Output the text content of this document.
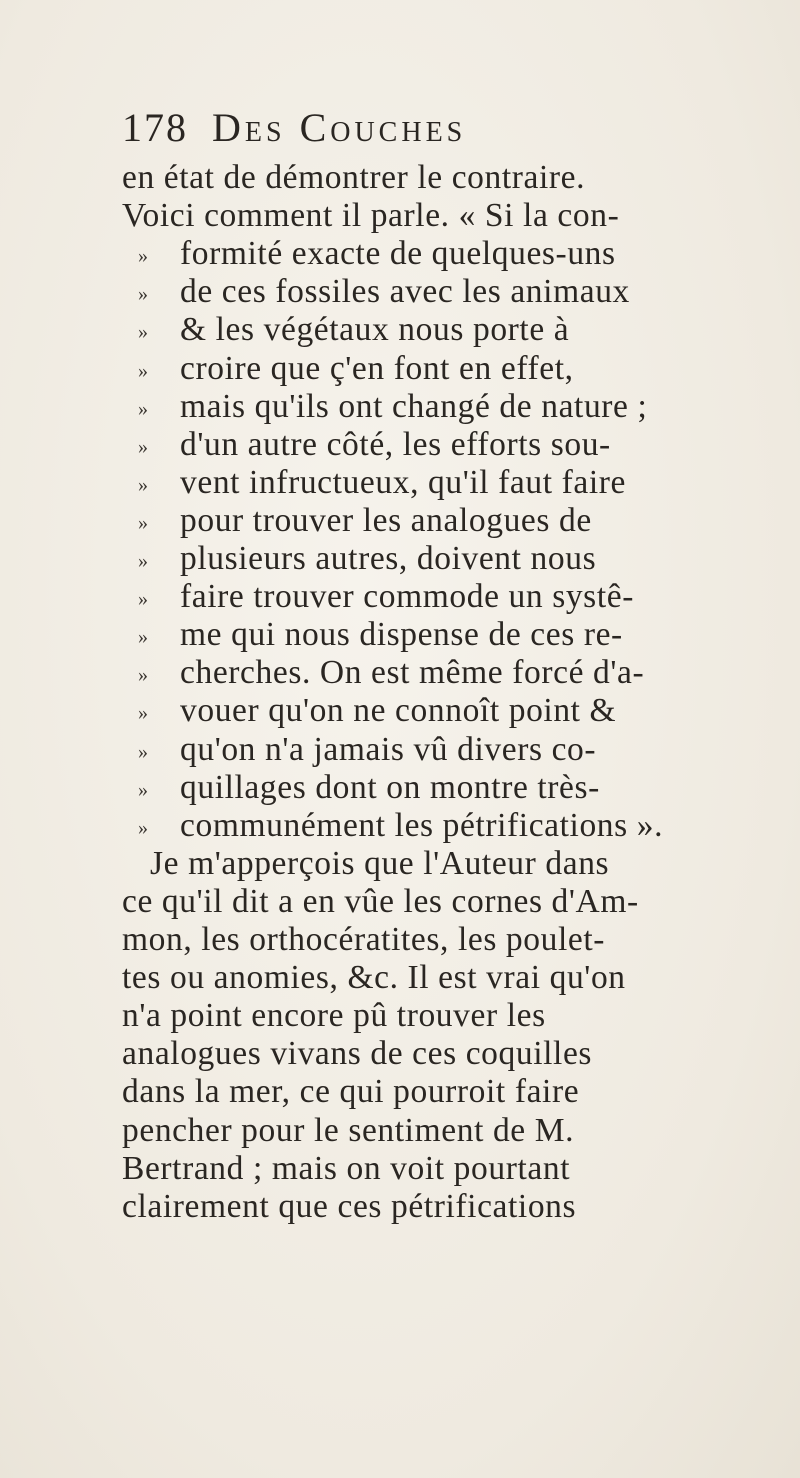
178 Des Couches
en état de démontrer le contraire.
Voici comment il parle. « Si la con-
» formité exacte de quelques-uns
» de ces fossiles avec les animaux
» & les végétaux nous porte à
» croire que ç'en font en effet,
» mais qu'ils ont changé de nature ;
» d'un autre côté, les efforts sou-
» vent infructueux, qu'il faut faire
» pour trouver les analogues de
» plusieurs autres, doivent nous
» faire trouver commode un systê-
» me qui nous dispense de ces re-
» cherches. On est même forcé d'a-
» vouer qu'on ne connoît point &
» qu'on n'a jamais vû divers co-
» quillages dont on montre très-
» communément les pétrifications ».
Je m'apperçois que l'Auteur dans
ce qu'il dit a en vûe les cornes d'Am-
mon, les orthocératites, les poulet-
tes ou anomies, &c. Il est vrai qu'on
n'a point encore pû trouver les
analogues vivans de ces coquilles
dans la mer, ce qui pourroit faire
pencher pour le sentiment de M.
Bertrand ; mais on voit pourtant
clairement que ces pétrifications
